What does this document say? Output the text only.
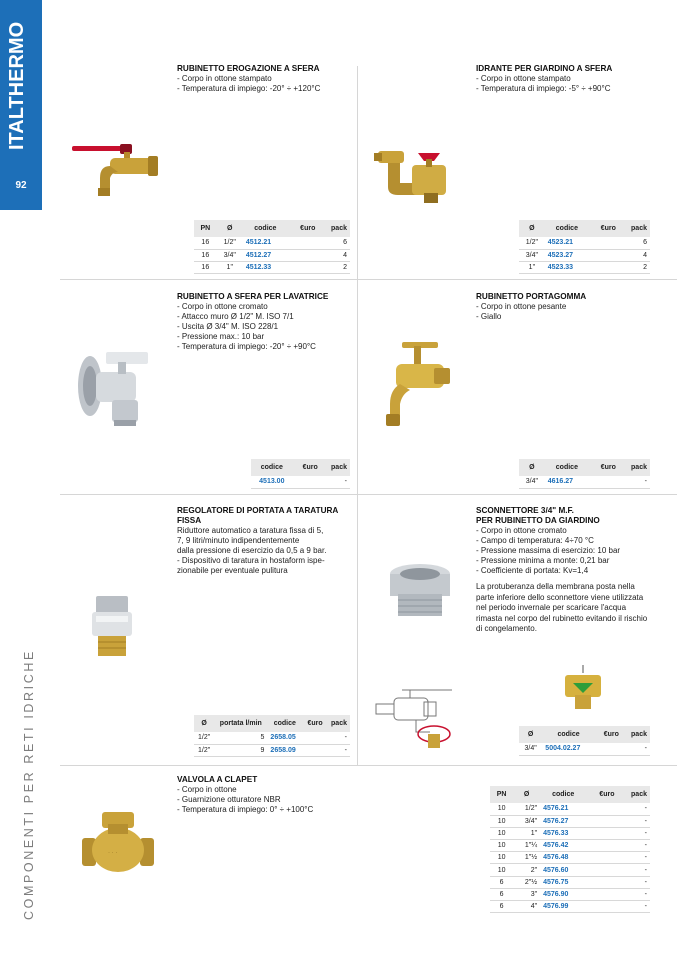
ITALTHERMO
92
COMPONENTI PER RETI IDRICHE
RUBINETTO EROGAZIONE A SFERA
- Corpo in ottone stampato
- Temperatura di impiego: -20° ÷ +120°C
PN	Ø	codice	€uro	pack
16	1/2"	4512.21		6
16	3/4"	4512.27		4
16	1"	4512.33		2
IDRANTE PER GIARDINO A SFERA
- Corpo in ottone stampato
- Temperatura di impiego: -5° ÷ +90°C
Ø	codice	€uro	pack
1/2"	4523.21		6
3/4"	4523.27		4
1"	4523.33		2
RUBINETTO A SFERA PER LAVATRICE
- Corpo in ottone cromato
- Attacco muro Ø 1/2" M. ISO 7/1
- Uscita Ø 3/4" M. ISO 228/1
- Pressione max.: 10 bar
- Temperatura di impiego: -20° ÷ +90°C
codice	€uro	pack
4513.00		-
RUBINETTO PORTAGOMMA
- Corpo in ottone pesante
- Giallo
Ø	codice	€uro	pack
3/4"	4616.27		-
REGOLATORE DI PORTATA A TARATURA
FISSA
Riduttore automatico a taratura fissa di 5,
7, 9 litri/minuto indipendentemente
dalla pressione di esercizio da 0,5 a 9 bar.
- Dispositivo di taratura in hostaform ispe-
zionabile per eventuale pulitura
Ø	portata l/min	codice	€uro	pack
1/2"	5	2658.05		-
1/2"	9	2658.09		-
SCONNETTORE 3/4" M.F.
PER RUBINETTO DA GIARDINO
- Corpo in ottone cromato
- Campo di temperatura: 4÷70 °C
- Pressione massima di esercizio: 10 bar
- Pressione minima a monte: 0,21 bar
- Coefficiente di portata: Kv=1,4
La protuberanza della membrana posta nella parte inferiore dello sconnettore viene utilizzata nel periodo invernale per scaricare l'acqua rimasta nel corpo del rubinetto evitando il rischio di congelamento.
Ø	codice	€uro	pack
3/4"	5004.02.27		-
VALVOLA A CLAPET
- Corpo in ottone
- Guarnizione otturatore NBR
- Temperatura di impiego: 0° ÷ +100°C
· · ·
PN	Ø	codice	€uro	pack
10	1/2"	4576.21		-
10	3/4"	4576.27		-
10	1"	4576.33		-
10	1"¼	4576.42		-
10	1"½	4576.48		-
10	2"	4576.60		-
6	2"½	4576.75		-
6	3"	4576.90		-
6	4"	4576.99		-
